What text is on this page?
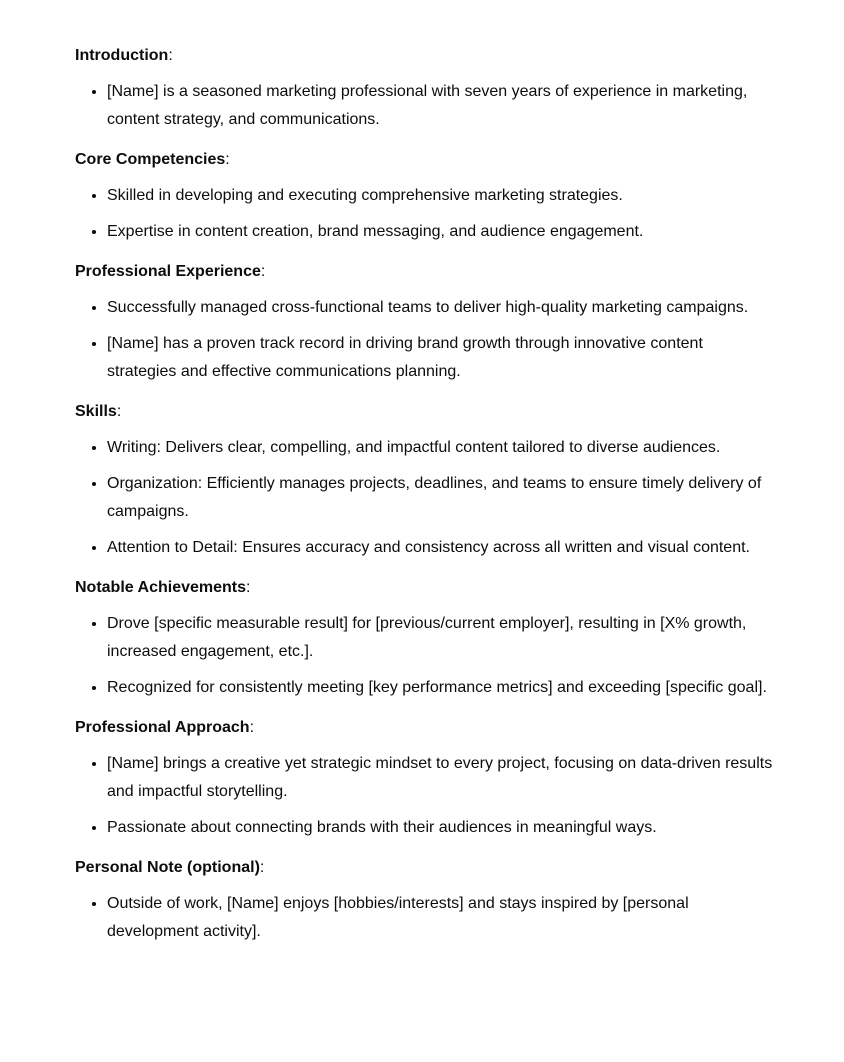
Introduction:

• [Name] is a seasoned marketing professional with seven years of experience in marketing, content strategy, and communications.

Core Competencies:

• Skilled in developing and executing comprehensive marketing strategies.
• Expertise in content creation, brand messaging, and audience engagement.

Professional Experience:

• Successfully managed cross-functional teams to deliver high-quality marketing campaigns.
• [Name] has a proven track record in driving brand growth through innovative content strategies and effective communications planning.

Skills:

• Writing: Delivers clear, compelling, and impactful content tailored to diverse audiences.
• Organization: Efficiently manages projects, deadlines, and teams to ensure timely delivery of campaigns.
• Attention to Detail: Ensures accuracy and consistency across all written and visual content.

Notable Achievements:

• Drove [specific measurable result] for [previous/current employer], resulting in [X% growth, increased engagement, etc.].
• Recognized for consistently meeting [key performance metrics] and exceeding [specific goal].

Professional Approach:

• [Name] brings a creative yet strategic mindset to every project, focusing on data-driven results and impactful storytelling.
• Passionate about connecting brands with their audiences in meaningful ways.

Personal Note (optional):

• Outside of work, [Name] enjoys [hobbies/interests] and stays inspired by [personal development activity].
